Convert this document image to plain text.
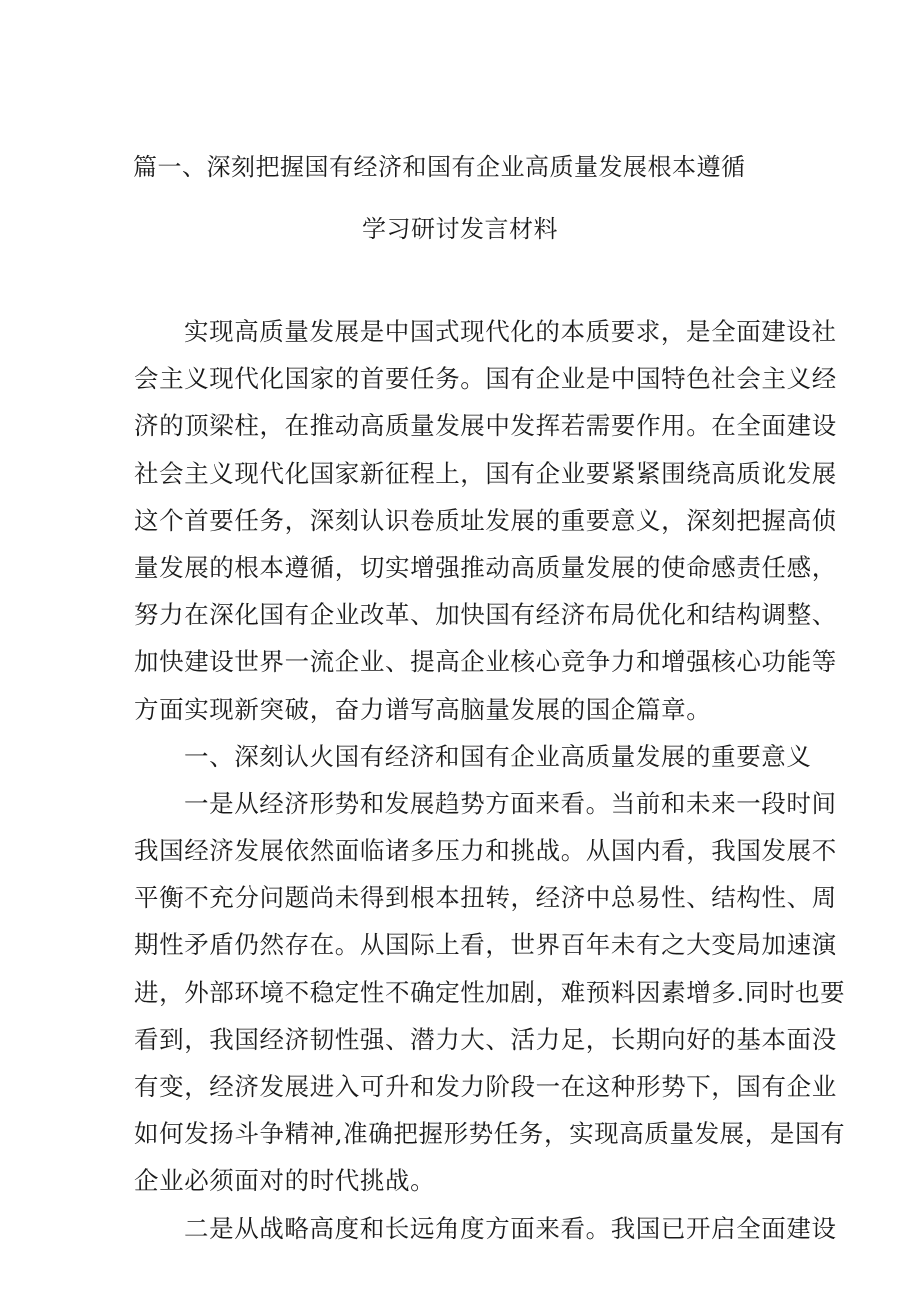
篇一、深刻把握国有经济和国有企业高质量发展根本遵循
学习研讨发言材料
实现高质量发展是中国式现代化的本质要求，是全面建设社
会主义现代化国家的首要任务。国有企业是中国特色社会主义经
济的顶梁柱，在推动高质量发展中发挥若需要作用。在全面建设
社会主义现代化国家新征程上，国有企业要紧紧围绕高质讹发展
这个首要任务，深刻认识卷质址发展的重要意义，深刻把握高侦
量发展的根本遵循，切实增强推动高质量发展的使命感责任感，
努力在深化国有企业改革、加快国有经济布局优化和结构调整、
加快建设世界一流企业、提高企业核心竞争力和增强核心功能等
方面实现新突破，奋力谱写高脑量发展的国企篇章。
一、深刻认火国有经济和国有企业高质量发展的重要意义
一是从经济形势和发展趋势方面来看。当前和未来一段时间
我国经济发展依然面临诸多压力和挑战。从国内看，我国发展不
平衡不充分问题尚未得到根本扭转，经济中总易性、结构性、周
期性矛盾仍然存在。从国际上看，世界百年未有之大变局加速演
进，外部环境不稳定性不确定性加剧，难预料因素增多.同时也要
看到，我国经济韧性强、潜力大、活力足，长期向好的基本面没
有变，经济发展进入可升和发力阶段一在这种形势下，国有企业
如何发扬斗争精神,准确把握形势任务，实现高质量发展，是国有
企业必须面对的时代挑战。
二是从战略高度和长远角度方面来看。我国已开启全面建设
